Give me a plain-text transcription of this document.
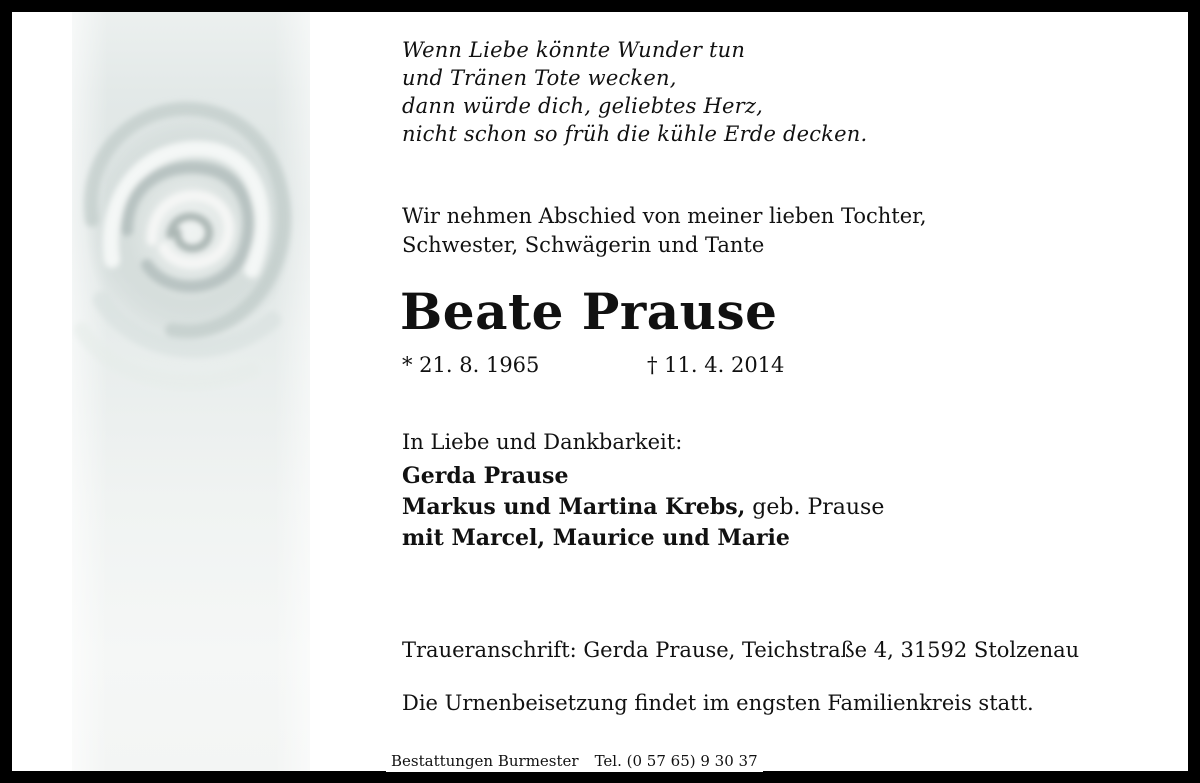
Wenn Liebe könnte Wunder tun
und Tränen Tote wecken,
dann würde dich, geliebtes Herz,
nicht schon so früh die kühle Erde decken.
Wir nehmen Abschied von meiner lieben Tochter,
Schwester, Schwägerin und Tante
Beate Prause
* 21. 8. 1965	† 11. 4. 2014
In Liebe und Dankbarkeit:
Gerda Prause
Markus und Martina Krebs, geb. Prause
mit Marcel, Maurice und Marie
Traueranschrift: Gerda Prause, Teichstraße 4, 31592 Stolzenau
Die Urnenbeisetzung findet im engsten Familienkreis statt.
Bestattungen Burmester Tel. (0 57 65) 9 30 37
